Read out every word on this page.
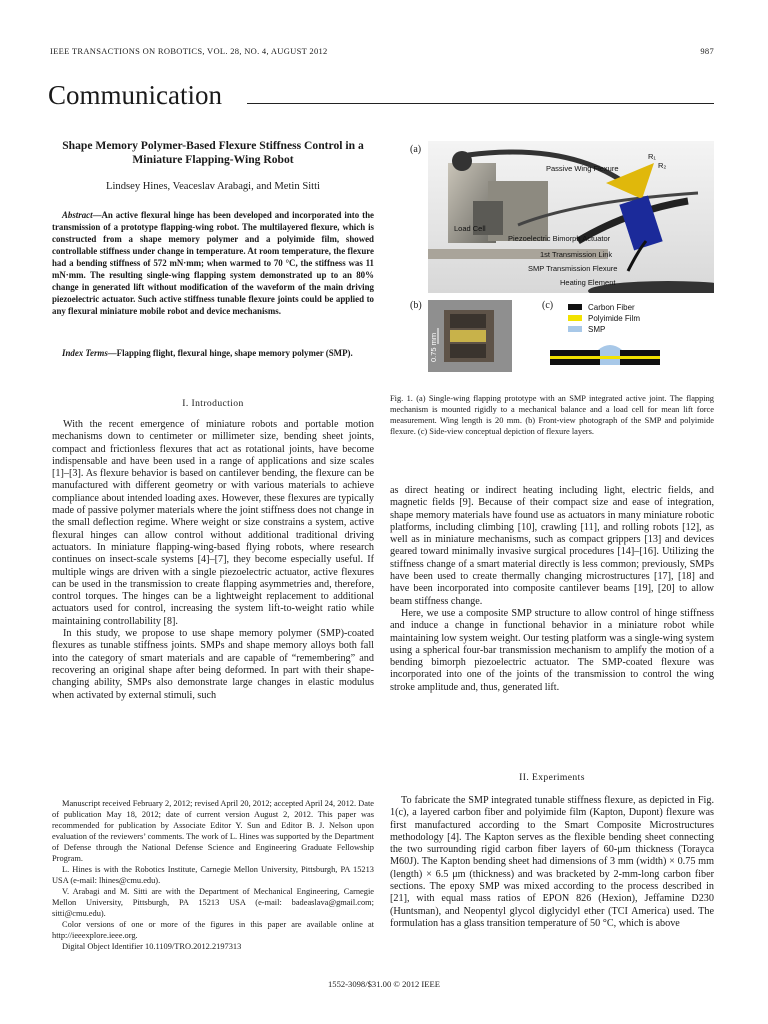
IEEE TRANSACTIONS ON ROBOTICS, VOL. 28, NO. 4, AUGUST 2012	987
Communication
Shape Memory Polymer-Based Flexure Stiffness Control in a Miniature Flapping-Wing Robot
Lindsey Hines, Veaceslav Arabagi, and Metin Sitti
Abstract—An active flexural hinge has been developed and incorporated into the transmission of a prototype flapping-wing robot. The multilayered flexure, which is constructed from a shape memory polymer and a polyimide film, showed controllable stiffness under change in temperature. At room temperature, the flexure had a bending stiffness of 572 mN·mm; when warmed to 70 °C, the stiffness was 11 mN·mm. The resulting single-wing flapping system demonstrated up to an 80% change in generated lift without modification of the waveform of the main driving piezoelectric actuator. Such active stiffness tunable flexure joints could be applied to any flexural miniature mobile robot and device mechanisms.
Index Terms—Flapping flight, flexural hinge, shape memory polymer (SMP).
I. Introduction

With the recent emergence of miniature robots and portable motion mechanisms down to centimeter or millimeter size, bending sheet joints, compact and frictionless flexures that act as rotational joints, have become indispensable and have been used in a range of applications and size scales [1]–[3]. As flexure behavior is based on cantilever bending, the flexure can be manufactured with different geometry or with various materials to achieve compliance about intended loading axes. However, these flexures are typically made of passive polymer materials where the joint stiffness does not change in the small deflection regime. Where weight or size constrains a system, active flexural hinges can allow control without additional traditional driving actuators. In miniature flapping-wing-based flying robots, where research continues on insect-scale systems [4]–[7], they become especially useful. If multiple wings are driven with a single piezoelectric actuator, active flexures can be used in the transmission to create flapping asymmetries and, therefore, control torques. The hinges can be a lightweight replacement to additional actuators used for control, increasing the system lift-to-weight ratio while maintaining controllability [8].

In this study, we propose to use shape memory polymer (SMP)-coated flexures as tunable stiffness joints. SMPs and shape memory alloys both fall into the category of smart materials and are capable of “remembering” and recovering an original shape after being deformed. In part with their shape-changing ability, SMPs also demonstrate large changes in elastic modulus when activated by external stimuli, such

Manuscript received February 2, 2012; revised April 20, 2012; accepted April 24, 2012. Date of publication May 18, 2012; date of current version August 2, 2012. This paper was recommended for publication by Associate Editor Y. Sun and Editor B. J. Nelson upon evaluation of the reviewers’ comments. The work of L. Hines was supported by the Department of Defense through the National Defense Science and Engineering Graduate Fellowship Program.

L. Hines is with the Robotics Institute, Carnegie Mellon University, Pittsburgh, PA 15213 USA (e-mail: lhines@cmu.edu).

V. Arabagi and M. Sitti are with the Department of Mechanical Engineering, Carnegie Mellon University, Pittsburgh, PA 15213 USA (e-mail: badeaslava@gmail.com; sitti@cmu.edu).

Color versions of one or more of the figures in this paper are available online at http://ieeexplore.ieee.org.

Digital Object Identifier 10.1109/TRO.2012.2197313

(a)
Passive Wing Flexure
R₁
R₂
Load Cell
Piezoelectric Bimorph Actuator
1st Transmission Link
SMP Transmission Flexure
Heating Element
(b)
0.75 mm
(c)	Carbon Fiber
Polyimide Film
SMP
Fig. 1. (a) Single-wing flapping prototype with an SMP integrated active joint. The flapping mechanism is mounted rigidly to a mechanical balance and a load cell for mean lift force measurement. Wing length is 20 mm. (b) Front-view photograph of the SMP and polyimide flexure. (c) Side-view conceptual depiction of flexure layers.

as direct heating or indirect heating including light, electric fields, and magnetic fields [9]. Because of their compact size and ease of integration, shape memory materials have found use as actuators in many miniature robotic platforms, including climbing [10], crawling [11], and rolling robots [12], as well as in miniature mechanisms, such as compact grippers [13] and devices geared toward minimally invasive surgical procedures [14]–[16]. Utilizing the stiffness change of a smart material directly is less common; previously, SMPs have been used to create thermally changing microstructures [17], [18] and have been incorporated into composite cantilever beams [19], [20] to allow beam stiffness change.

Here, we use a composite SMP structure to allow control of hinge stiffness and induce a change in functional behavior in a miniature robot while maintaining low system weight. Our testing platform was a single-wing system using a spherical four-bar transmission mechanism to amplify the motion of a bending bimorph piezoelectric actuator. The SMP-coated flexure was incorporated into one of the joints of the transmission to control the wing stroke amplitude and, thus, generated lift.

II. Experiments

To fabricate the SMP integrated tunable stiffness flexure, as depicted in Fig. 1(c), a layered carbon fiber and polyimide film (Kapton, Dupont) flexure was first manufactured according to the Smart Composite Microstructures methodology [4]. The Kapton serves as the flexible bending sheet connecting the two surrounding rigid carbon fiber layers of 60-μm thickness (Torayca M60J). The Kapton bending sheet had dimensions of 3 mm (width) × 0.75 mm (length) × 6.5 μm (thickness) and was bracketed by 2-mm-long carbon fiber sections. The epoxy SMP was mixed according to the process described in [21], with equal mass ratios of EPON 826 (Hexion), Jeffamine D230 (Huntsman), and Neopentyl glycol diglycidyl ether (TCI America) used. The formulation has a glass transition temperature of 50 °C, which is above

1552-3098/$31.00 © 2012 IEEE
